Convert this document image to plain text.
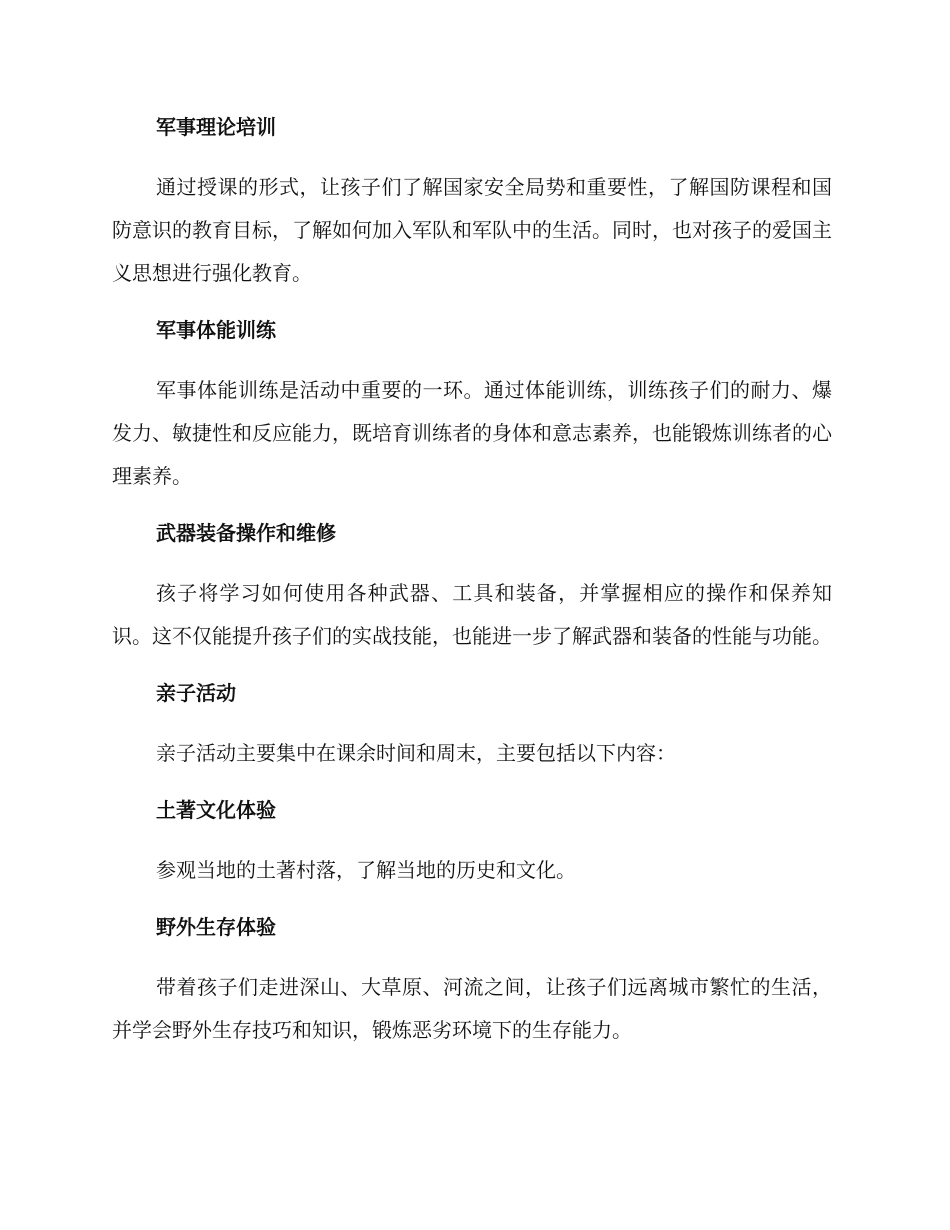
军事理论培训

通过授课的形式，让孩子们了解国家安全局势和重要性，了解国防课程和国防意识的教育目标，了解如何加入军队和军队中的生活。同时，也对孩子的爱国主义思想进行强化教育。

军事体能训练

军事体能训练是活动中重要的一环。通过体能训练，训练孩子们的耐力、爆发力、敏捷性和反应能力，既培育训练者的身体和意志素养，也能锻炼训练者的心理素养。

武器装备操作和维修

孩子将学习如何使用各种武器、工具和装备，并掌握相应的操作和保养知识。这不仅能提升孩子们的实战技能，也能进一步了解武器和装备的性能与功能。

亲子活动

亲子活动主要集中在课余时间和周末，主要包括以下内容：

土著文化体验

参观当地的土著村落，了解当地的历史和文化。

野外生存体验

带着孩子们走进深山、大草原、河流之间，让孩子们远离城市繁忙的生活，并学会野外生存技巧和知识，锻炼恶劣环境下的生存能力。
